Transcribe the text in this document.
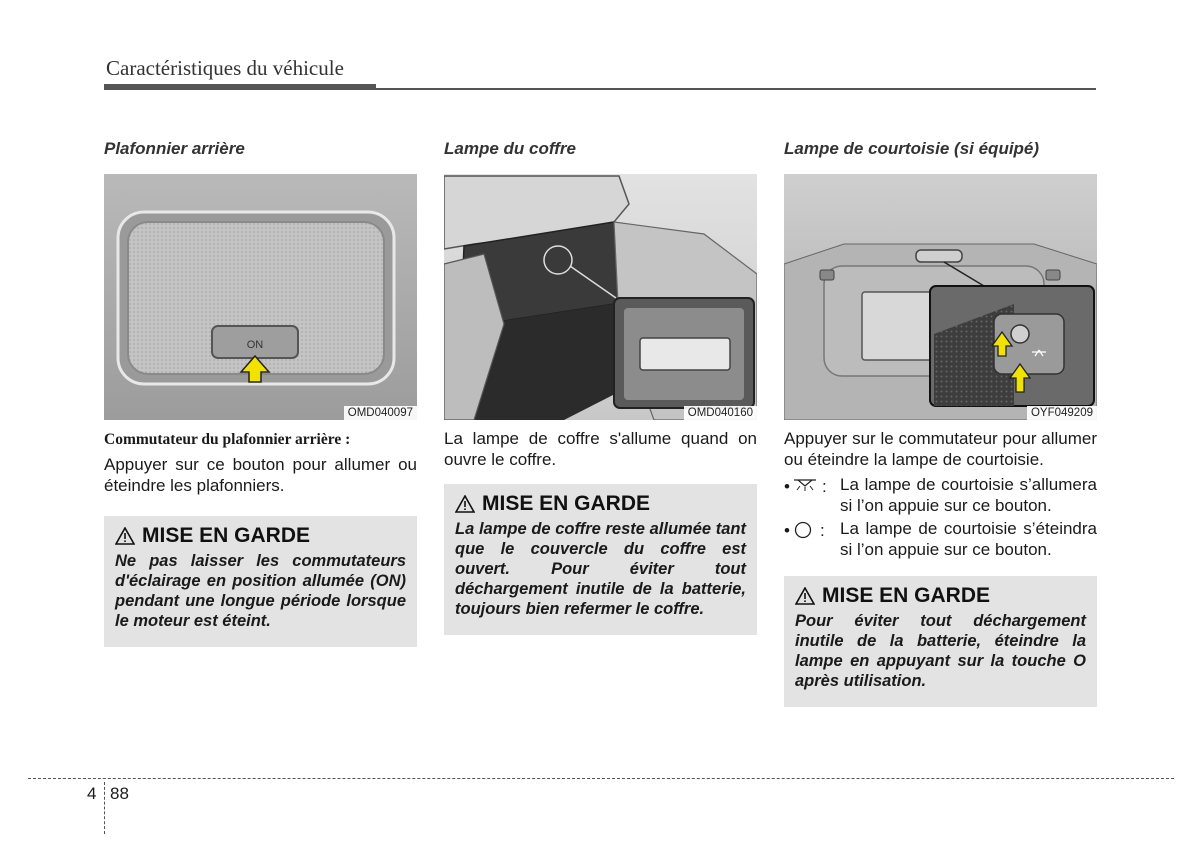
Caractéristiques du véhicule
Plafonnier arrière
ON
OMD040097
Commutateur du plafonnier arrière :
Appuyer sur ce bouton pour allumer ou éteindre les plafonniers.
MISE EN GARDE
Ne pas laisser les commutateurs d'éclairage en position allumée (ON) pendant une longue période lorsque le moteur est éteint.
Lampe du coffre
OMD040160
La lampe de coffre s'allume quand on ouvre le coffre.
MISE EN GARDE
La lampe de coffre reste allumée tant que le couvercle du coffre est ouvert. Pour éviter tout déchargement inutile de la batterie, toujours bien refermer le coffre.
Lampe de courtoisie (si équipé)
OYF049209
Appuyer sur le commutateur pour allumer ou éteindre la lampe de courtoisie.
• : La lampe de courtoisie s’allumera si l’on appuie sur ce bouton.
• : La lampe de courtoisie s’éteindra si l’on appuie sur ce bouton.
MISE EN GARDE
Pour éviter tout déchargement inutile de la batterie, éteindre la lampe en appuyant sur la touche O après utilisation.
4 88
